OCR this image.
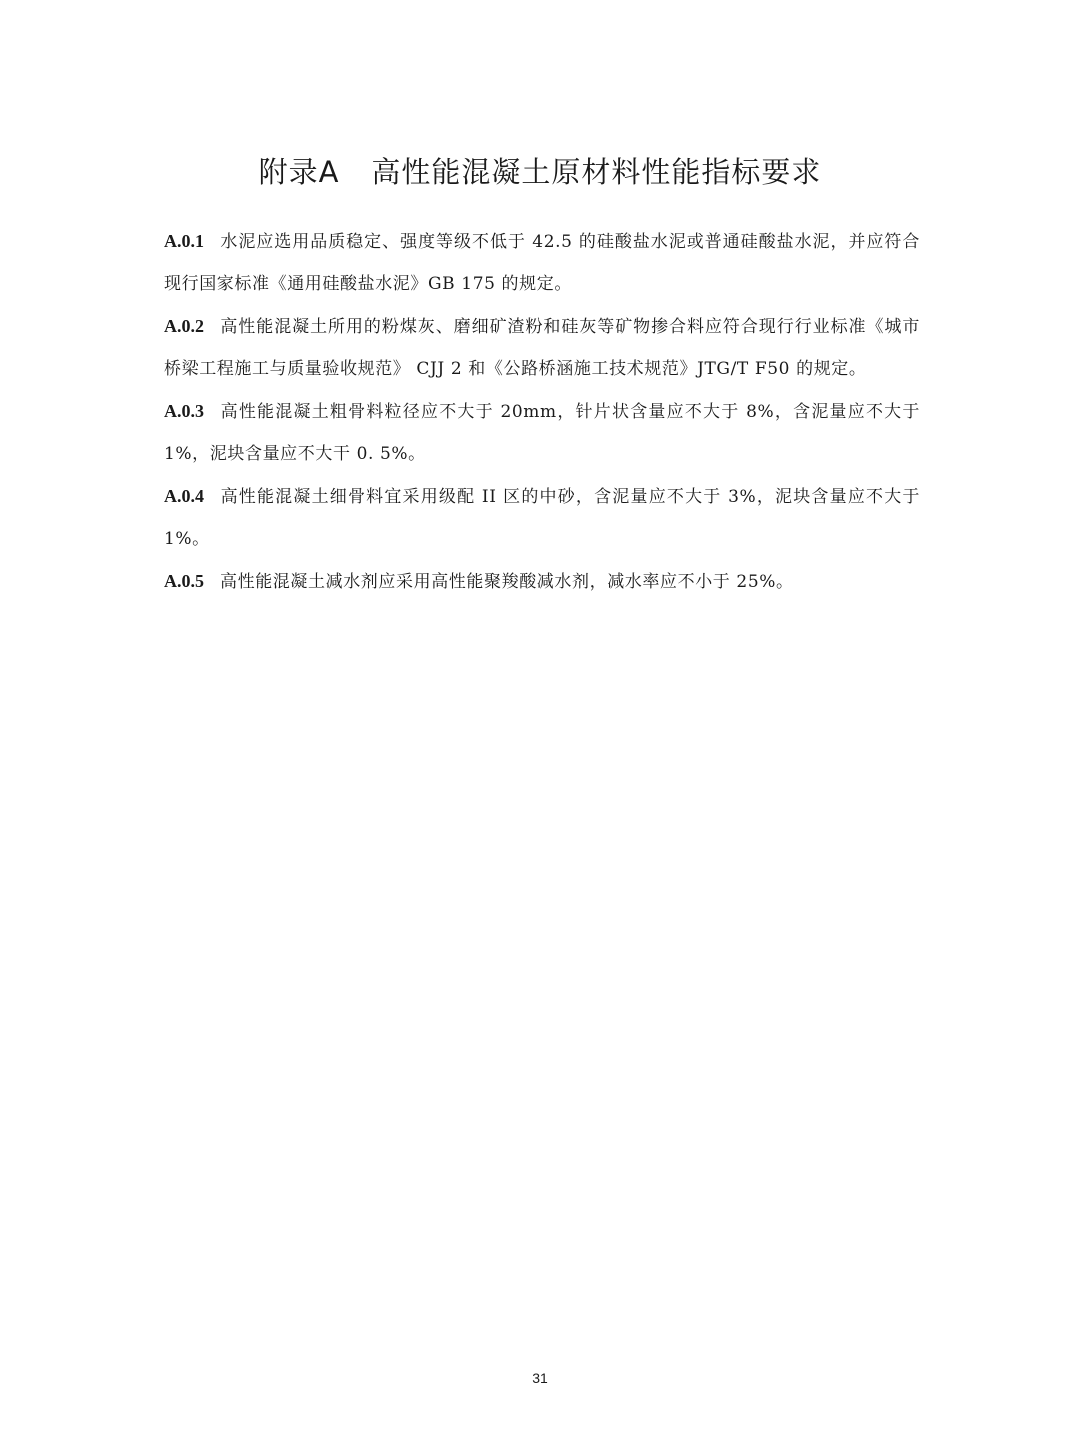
附录A 高性能混凝土原材料性能指标要求

A.0.1 水泥应选用品质稳定、强度等级不低于 42.5 的硅酸盐水泥或普通硅酸盐水泥，并应符合现行国家标准《通用硅酸盐水泥》GB 175 的规定。

A.0.2 高性能混凝土所用的粉煤灰、磨细矿渣粉和硅灰等矿物掺合料应符合现行行业标准《城市桥梁工程施工与质量验收规范》 CJJ 2 和《公路桥涵施工技术规范》JTG/T F50 的规定。

A.0.3 高性能混凝土粗骨料粒径应不大于 20mm，针片状含量应不大于 8%，含泥量应不大于 1%，泥块含量应不大干 0. 5%。

A.0.4 高性能混凝土细骨料宜采用级配 II 区的中砂，含泥量应不大于 3%，泥块含量应不大于 1%。

A.0.5 高性能混凝土减水剂应采用高性能聚羧酸减水剂，减水率应不小于 25%。

31
